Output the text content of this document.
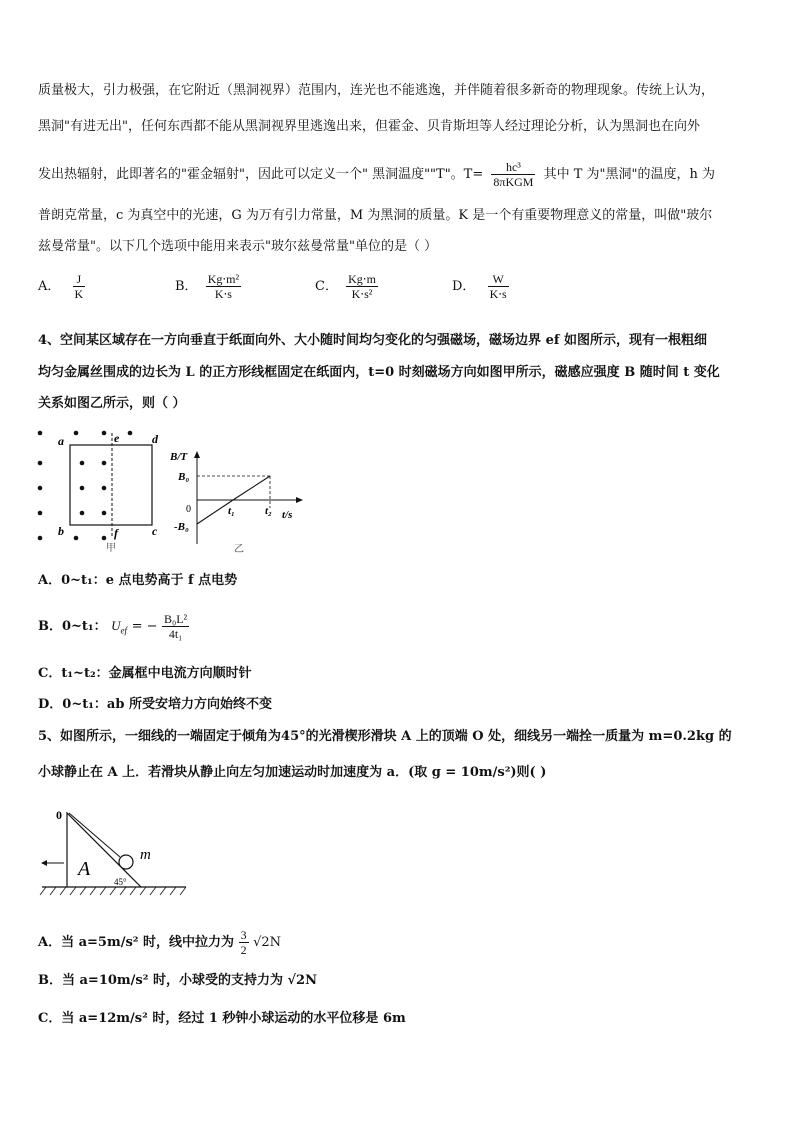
质量极大，引力极强，在它附近（黑洞视界）范围内，连光也不能逃逸，并伴随着很多新奇的物理现象。传统上认为，
黑洞"有进无出"，任何东西都不能从黑洞视界里逃逸出来，但霍金、贝肯斯坦等人经过理论分析，认为黑洞也在向外
发出热辐射，此即著名的"霍金辐射"，因此可以定义一个" 黑洞温度""T"。$T= \frac{\text{hc³}}{\text{8πKGM}}$ 其中 T 为"黑洞"的温度，h 为
普朗克常量，c 为真空中的光速，G 为万有引力常量，M 为黑洞的质量。K 是一个有重要物理意义的常量，叫做"玻尔
兹曼常量"。以下几个选项中能用来表示"玻尔兹曼常量"单位的是（ ）
A． $\frac{J}{K}$	B． $\frac{\text{Kg⋅m²}}{K\cdot s}$	C． $\frac{Kg\cdot m}{\text{K⋅s²}}$	D． $\frac{W}{K\cdot s}$
4、空间某区域存在一方向垂直于纸面向外、大小随时间均匀变化的匀强磁场，磁场边界 ef 如图所示，现有一根粗细
均匀金属丝围成的边长为 L 的正方形线框固定在纸面内，t=0 时刻磁场方向如图甲所示，磁感应强度 B 随时间 t 变化
关系如图乙所示，则（ ）
a
b	c
d
e
f
甲
B/T
B₀
0
-B₀
t₁	t₂ t/s
乙
A．0~t₁：e 点电势高于 f 点电势
B．0~t₁： $U_{ef}$ = − $\frac{\text{B₀L²}}{\text{4t₁}}$
C．t₁~t₂：金属框中电流方向顺时针
D．0~t₁：ab 所受安培力方向始终不变
5、如图所示，一细线的一端固定于倾角为45°的光滑楔形滑块 A 上的顶端 O 处，细线另一端拴一质量为 m=0.2kg 的
小球静止在 A 上．若滑块从静止向左匀加速运动时加速度为 a．(取 g = 10m/s²)则( )
0
A
m
45°
A．当 a=5m/s² 时，线中拉力为 $\frac{3}{2} √2N$
B．当 a=10m/s² 时，小球受的支持力为 √2N
C．当 a=12m/s² 时，经过 1 秒钟小球运动的水平位移是 6m
